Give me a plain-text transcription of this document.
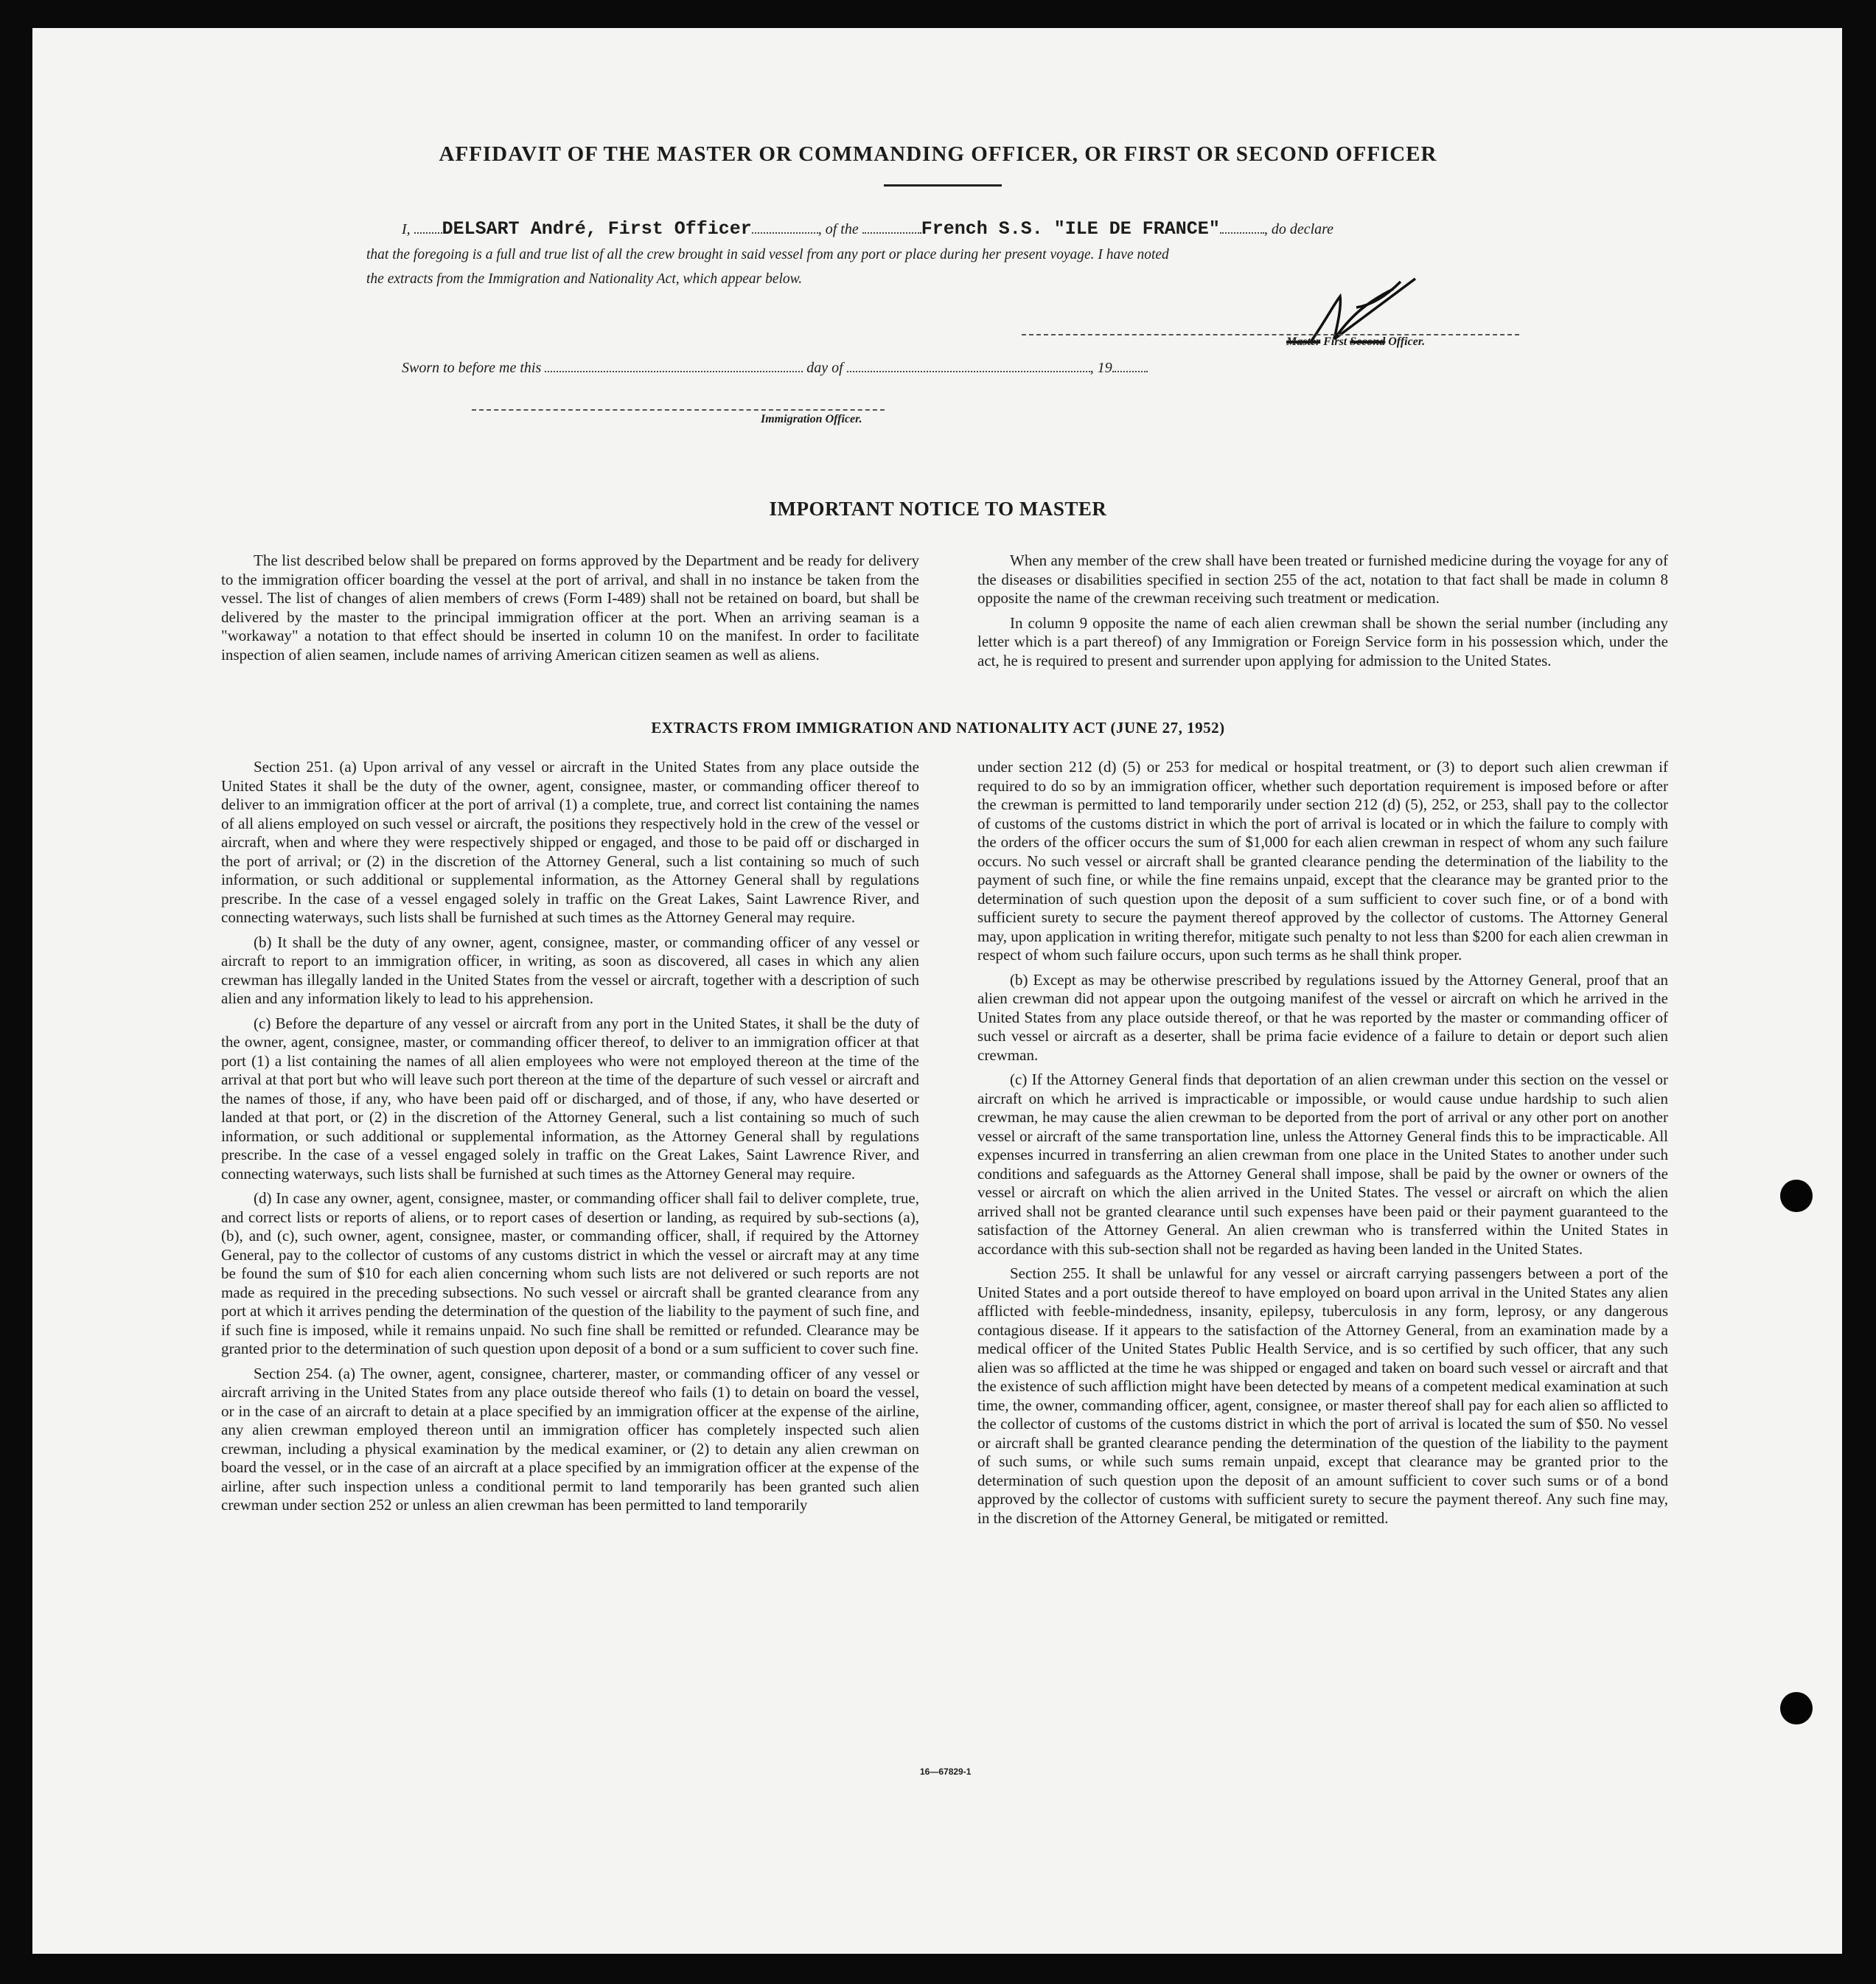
AFFIDAVIT OF THE MASTER OR COMMANDING OFFICER, OR FIRST OR SECOND OFFICER
I, DELSART André, First Officer	, of the	French S.S. "ILE DE FRANCE"	, do declare
that the foregoing is a full and true list of all the crew brought in said vessel from any port or place during her present voyage. I have noted
the extracts from the Immigration and Nationality Act, which appear below.
Master First Second Officer.
Sworn to before me this	day of	, 19
Immigration Officer.
IMPORTANT NOTICE TO MASTER

The list described below shall be prepared on forms approved by the Department and be ready for delivery to the immigration officer boarding the vessel at the port of arrival, and shall in no instance be taken from the vessel. The list of changes of alien members of crews (Form I-489) shall not be retained on board, but shall be delivered by the master to the principal immigration officer at the port. When an arriving seaman is a "workaway" a notation to that effect should be inserted in column 10 on the manifest. In order to facilitate inspection of alien seamen, include names of arriving American citizen seamen as well as aliens.

When any member of the crew shall have been treated or furnished medicine during the voyage for any of the diseases or disabilities specified in section 255 of the act, notation to that fact shall be made in column 8 opposite the name of the crewman receiving such treatment or medication.

In column 9 opposite the name of each alien crewman shall be shown the serial number (including any letter which is a part thereof) of any Immigration or Foreign Service form in his possession which, under the act, he is required to present and surrender upon applying for admission to the United States.

EXTRACTS FROM IMMIGRATION AND NATIONALITY ACT (JUNE 27, 1952)

Section 251. (a) Upon arrival of any vessel or aircraft in the United States from any place outside the United States it shall be the duty of the owner, agent, consignee, master, or commanding officer thereof to deliver to an immigration officer at the port of arrival (1) a complete, true, and correct list containing the names of all aliens employed on such vessel or aircraft, the positions they respectively hold in the crew of the vessel or aircraft, when and where they were respectively shipped or engaged, and those to be paid off or discharged in the port of arrival; or (2) in the discretion of the Attorney General, such a list containing so much of such information, or such additional or supplemental information, as the Attorney General shall by regulations prescribe. In the case of a vessel engaged solely in traffic on the Great Lakes, Saint Lawrence River, and connecting waterways, such lists shall be furnished at such times as the Attorney General may require.

(b) It shall be the duty of any owner, agent, consignee, master, or commanding officer of any vessel or aircraft to report to an immigration officer, in writing, as soon as discovered, all cases in which any alien crewman has illegally landed in the United States from the vessel or aircraft, together with a description of such alien and any information likely to lead to his apprehension.

(c) Before the departure of any vessel or aircraft from any port in the United States, it shall be the duty of the owner, agent, consignee, master, or commanding officer thereof, to deliver to an immigration officer at that port (1) a list containing the names of all alien employees who were not employed thereon at the time of the arrival at that port but who will leave such port thereon at the time of the departure of such vessel or aircraft and the names of those, if any, who have been paid off or discharged, and of those, if any, who have deserted or landed at that port, or (2) in the discretion of the Attorney General, such a list containing so much of such information, or such additional or supplemental information, as the Attorney General shall by regulations prescribe. In the case of a vessel engaged solely in traffic on the Great Lakes, Saint Lawrence River, and connecting waterways, such lists shall be furnished at such times as the Attorney General may require.

(d) In case any owner, agent, consignee, master, or commanding officer shall fail to deliver complete, true, and correct lists or reports of aliens, or to report cases of desertion or landing, as required by sub-sections (a), (b), and (c), such owner, agent, consignee, master, or commanding officer, shall, if required by the Attorney General, pay to the collector of customs of any customs district in which the vessel or aircraft may at any time be found the sum of $10 for each alien concerning whom such lists are not delivered or such reports are not made as required in the preceding subsections. No such vessel or aircraft shall be granted clearance from any port at which it arrives pending the determination of the question of the liability to the payment of such fine, and if such fine is imposed, while it remains unpaid. No such fine shall be remitted or refunded. Clearance may be granted prior to the determination of such question upon deposit of a bond or a sum sufficient to cover such fine.

Section 254. (a) The owner, agent, consignee, charterer, master, or commanding officer of any vessel or aircraft arriving in the United States from any place outside thereof who fails (1) to detain on board the vessel, or in the case of an aircraft to detain at a place specified by an immigration officer at the expense of the airline, any alien crewman employed thereon until an immigration officer has completely inspected such alien crewman, including a physical examination by the medical examiner, or (2) to detain any alien crewman on board the vessel, or in the case of an aircraft at a place specified by an immigration officer at the expense of the airline, after such inspection unless a conditional permit to land temporarily has been granted such alien crewman under section 252 or unless an alien crewman has been permitted to land temporarily

under section 212 (d) (5) or 253 for medical or hospital treatment, or (3) to deport such alien crewman if required to do so by an immigration officer, whether such deportation requirement is imposed before or after the crewman is permitted to land temporarily under section 212 (d) (5), 252, or 253, shall pay to the collector of customs of the customs district in which the port of arrival is located or in which the failure to comply with the orders of the officer occurs the sum of $1,000 for each alien crewman in respect of whom any such failure occurs. No such vessel or aircraft shall be granted clearance pending the determination of the liability to the payment of such fine, or while the fine remains unpaid, except that the clearance may be granted prior to the determination of such question upon the deposit of a sum sufficient to cover such fine, or of a bond with sufficient surety to secure the payment thereof approved by the collector of customs. The Attorney General may, upon application in writing therefor, mitigate such penalty to not less than $200 for each alien crewman in respect of whom such failure occurs, upon such terms as he shall think proper.

(b) Except as may be otherwise prescribed by regulations issued by the Attorney General, proof that an alien crewman did not appear upon the outgoing manifest of the vessel or aircraft on which he arrived in the United States from any place outside thereof, or that he was reported by the master or commanding officer of such vessel or aircraft as a deserter, shall be prima facie evidence of a failure to detain or deport such alien crewman.

(c) If the Attorney General finds that deportation of an alien crewman under this section on the vessel or aircraft on which he arrived is impracticable or impossible, or would cause undue hardship to such alien crewman, he may cause the alien crewman to be deported from the port of arrival or any other port on another vessel or aircraft of the same transportation line, unless the Attorney General finds this to be impracticable. All expenses incurred in transferring an alien crewman from one place in the United States to another under such conditions and safeguards as the Attorney General shall impose, shall be paid by the owner or owners of the vessel or aircraft on which the alien arrived in the United States. The vessel or aircraft on which the alien arrived shall not be granted clearance until such expenses have been paid or their payment guaranteed to the satisfaction of the Attorney General. An alien crewman who is transferred within the United States in accordance with this sub-section shall not be regarded as having been landed in the United States.

Section 255. It shall be unlawful for any vessel or aircraft carrying passengers between a port of the United States and a port outside thereof to have employed on board upon arrival in the United States any alien afflicted with feeble-mindedness, insanity, epilepsy, tuberculosis in any form, leprosy, or any dangerous contagious disease. If it appears to the satisfaction of the Attorney General, from an examination made by a medical officer of the United States Public Health Service, and is so certified by such officer, that any such alien was so afflicted at the time he was shipped or engaged and taken on board such vessel or aircraft and that the existence of such affliction might have been detected by means of a competent medical examination at such time, the owner, commanding officer, agent, consignee, or master thereof shall pay for each alien so afflicted to the collector of customs of the customs district in which the port of arrival is located the sum of $50. No vessel or aircraft shall be granted clearance pending the determination of the question of the liability to the payment of such sums, or while such sums remain unpaid, except that clearance may be granted prior to the determination of such question upon the deposit of an amount sufficient to cover such sums or of a bond approved by the collector of customs with sufficient surety to secure the payment thereof. Any such fine may, in the discretion of the Attorney General, be mitigated or remitted.

16—67829-1
